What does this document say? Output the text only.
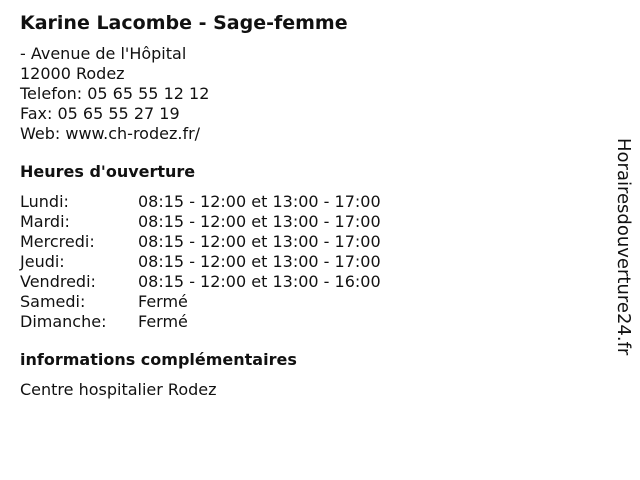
Karine Lacombe - Sage-femme
- Avenue de l'Hôpital
12000 Rodez
Telefon: 05 65 55 12 12
Fax: 05 65 55 27 19
Web: www.ch-rodez.fr/
Heures d'ouverture
Lundi:	08:15 - 12:00 et 13:00 - 17:00
Mardi:	08:15 - 12:00 et 13:00 - 17:00
Mercredi:	08:15 - 12:00 et 13:00 - 17:00
Jeudi:	08:15 - 12:00 et 13:00 - 17:00
Vendredi:	08:15 - 12:00 et 13:00 - 16:00
Samedi:	Fermé
Dimanche:	Fermé
informations complémentaires
Centre hospitalier Rodez
Horairesdouverture24.fr
